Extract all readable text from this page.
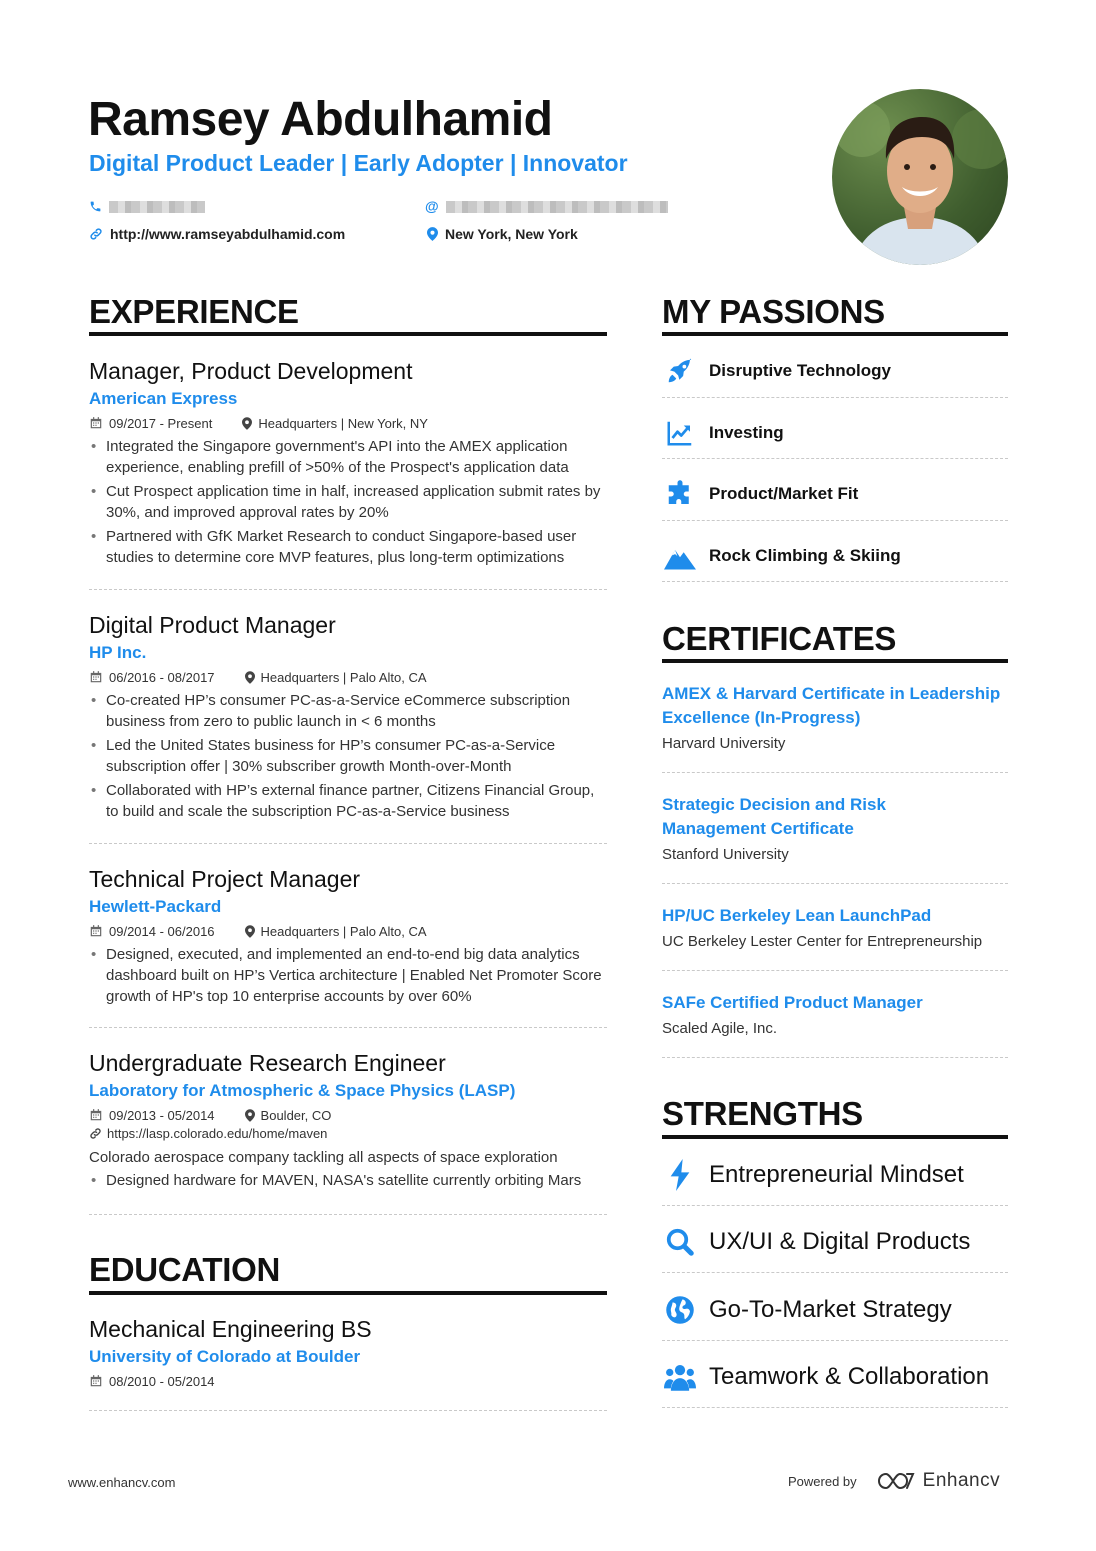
Ramsey Abdulhamid
Digital Product Leader | Early Adopter | Innovator
@
http://www.ramseyabdulhamid.com	New York, New York
EXPERIENCE
Manager, Product Development
American Express
09/2017 - Present	Headquarters | New York, NY
• Integrated the Singapore government's API into the AMEX application experience, enabling prefill of >50% of the Prospect's application data
• Cut Prospect application time in half, increased application submit rates by 30%, and improved approval rates by 20%
• Partnered with GfK Market Research to conduct Singapore-based user studies to determine core MVP features, plus long-term optimizations
Digital Product Manager
HP Inc.
06/2016 - 08/2017	Headquarters | Palo Alto, CA
• Co-created HP’s consumer PC-as-a-Service eCommerce subscription business from zero to public launch in < 6 months
• Led the United States business for HP’s consumer PC-as-a-Service subscription offer | 30% subscriber growth Month-over-Month
• Collaborated with HP’s external finance partner, Citizens Financial Group, to build and scale the subscription PC-as-a-Service business
Technical Project Manager
Hewlett-Packard
09/2014 - 06/2016	Headquarters | Palo Alto, CA
• Designed, executed, and implemented an end-to-end big data analytics dashboard built on HP’s Vertica architecture | Enabled Net Promoter Score growth of HP's top 10 enterprise accounts by over 60%
Undergraduate Research Engineer
Laboratory for Atmospheric & Space Physics (LASP)
09/2013 - 05/2014	Boulder, CO
https://lasp.colorado.edu/home/maven
Colorado aerospace company tackling all aspects of space exploration
• Designed hardware for MAVEN, NASA's satellite currently orbiting Mars
EDUCATION
Mechanical Engineering BS
University of Colorado at Boulder
08/2010 - 05/2014
MY PASSIONS
Disruptive Technology
Investing
Product/Market Fit
Rock Climbing & Skiing
CERTIFICATES
AMEX & Harvard Certificate in Leadership Excellence (In-Progress)
Harvard University
Strategic Decision and Risk Management Certificate
Stanford University
HP/UC Berkeley Lean LaunchPad
UC Berkeley Lester Center for Entrepreneurship
SAFe Certified Product Manager
Scaled Agile, Inc.
STRENGTHS
Entrepreneurial Mindset
UX/UI & Digital Products
Go-To-Market Strategy
Teamwork & Collaboration
www.enhancv.com	Powered by	Enhancv
